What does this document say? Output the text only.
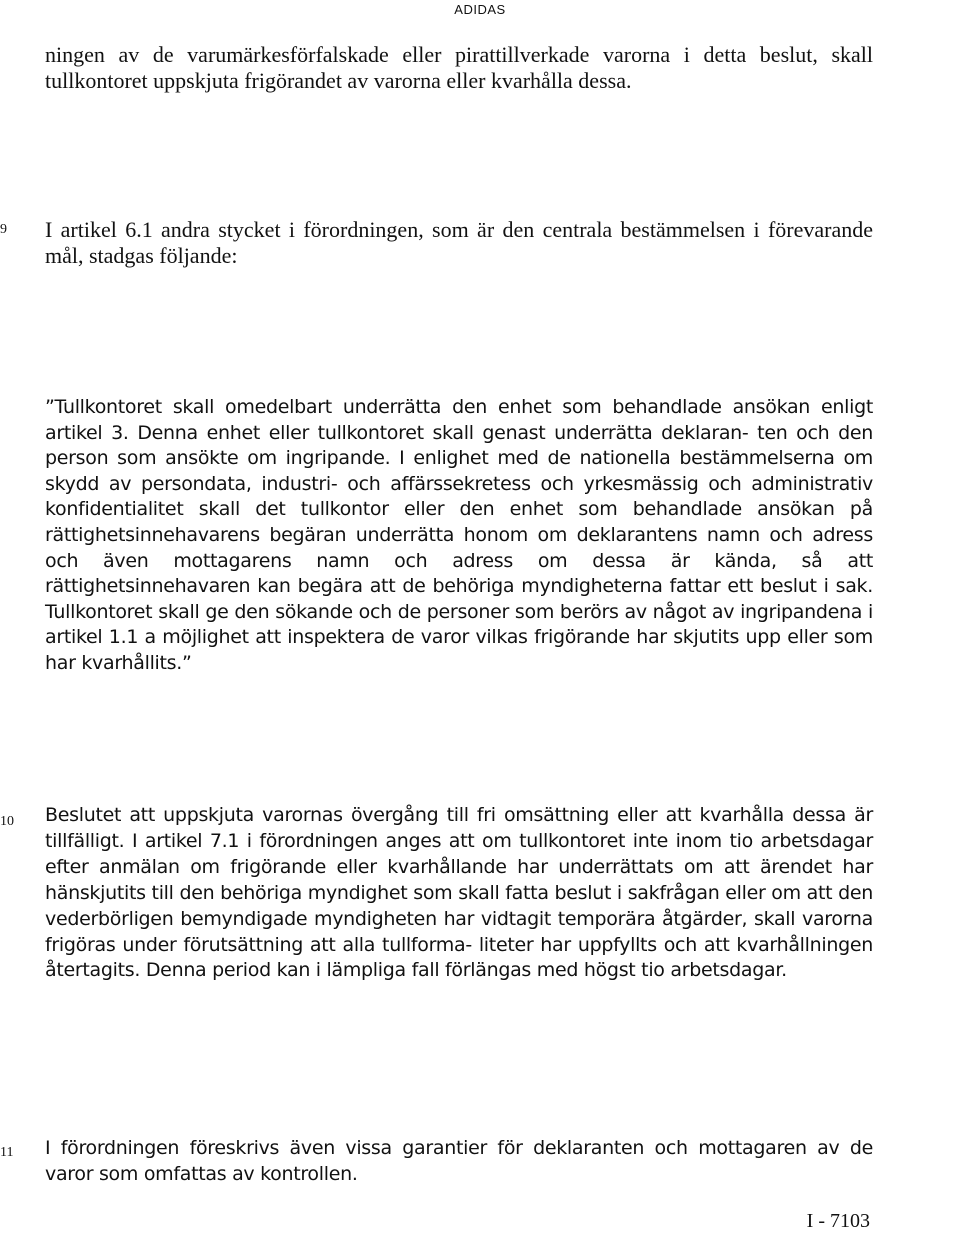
ADIDAS

ningen av de varumärkesförfalskade eller pirattillverkade varorna i detta beslut, skall tullkontoret uppskjuta frigörandet av varorna eller kvarhålla dessa.

9 I artikel 6.1 andra stycket i förordningen, som är den centrala bestämmelsen i förevarande mål, stadgas följande:

”Tullkontoret skall omedelbart underrätta den enhet som behandlade ansökan enligt artikel 3. Denna enhet eller tullkontoret skall genast underrätta deklaran- ten och den person som ansökte om ingripande. I enlighet med de nationella bestämmelserna om skydd av persondata, industri- och affärssekretess och yrkesmässig och administrativ konfidentialitet skall det tullkontor eller den enhet som behandlade ansökan på rättighetsinnehavarens begäran underrätta honom om deklarantens namn och adress och även mottagarens namn och adress om dessa är kända, så att rättighetsinnehavaren kan begära att de behöriga myndigheterna fattar ett beslut i sak. Tullkontoret skall ge den sökande och de personer som berörs av något av ingripandena i artikel 1.1 a möjlighet att inspektera de varor vilkas frigörande har skjutits upp eller som har kvarhållits.”

10 Beslutet att uppskjuta varornas övergång till fri omsättning eller att kvarhålla dessa är tillfälligt. I artikel 7.1 i förordningen anges att om tullkontoret inte inom tio arbetsdagar efter anmälan om frigörande eller kvarhållande har underrättats om att ärendet har hänskjutits till den behöriga myndighet som skall fatta beslut i sakfrågan eller om att den vederbörligen bemyndigade myndigheten har vidtagit temporära åtgärder, skall varorna frigöras under förutsättning att alla tullforma- liteter har uppfyllts och att kvarhållningen återtagits. Denna period kan i lämpliga fall förlängas med högst tio arbetsdagar.

11 I förordningen föreskrivs även vissa garantier för deklaranten och mottagaren av de varor som omfattas av kontrollen.

I - 7103
